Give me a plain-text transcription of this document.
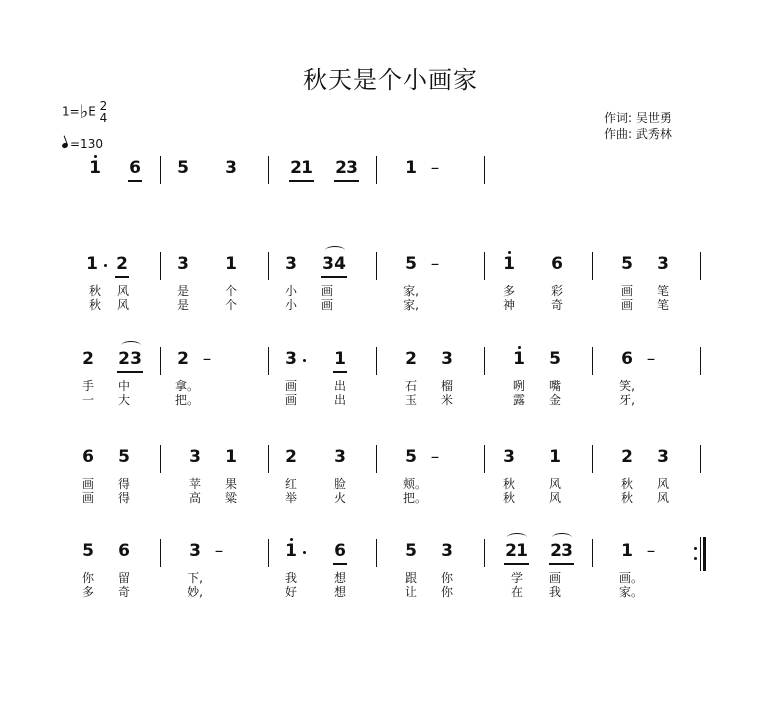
秋天是个小画家
1=♭E 2
4
=130
作词: 吴世勇
作曲: 武秀林
1	6	5	3	2 1	2 3	1 –
1	2	3	1	3	3 4	5 –	1	6	5	3
秋 风	是	个	小 画	家,	多	彩	画 笔
秋 风	是	个	小 画	家,	神	奇	画 笔
2	2 3	2 –	3	1	2	3	1	5	6 –
手 中	拿。	画	出	石 榴	咧 嘴	笑,
一 大	把。	画	出	玉 米	露 金	牙,
6	5	3	1	2	3	5 –	3	1	2	3
画 得	苹 果	红	脸	颊。	秋	风	秋 风
画 得	高 粱	举	火	把。	秋	风	秋 风
5	6	3 –	1	6	5	3	2 1	2 3	1 –
你 留	下,	我	想	跟 你	学 画	画。
多 奇	妙,	好	想	让 你	在 我	家。
